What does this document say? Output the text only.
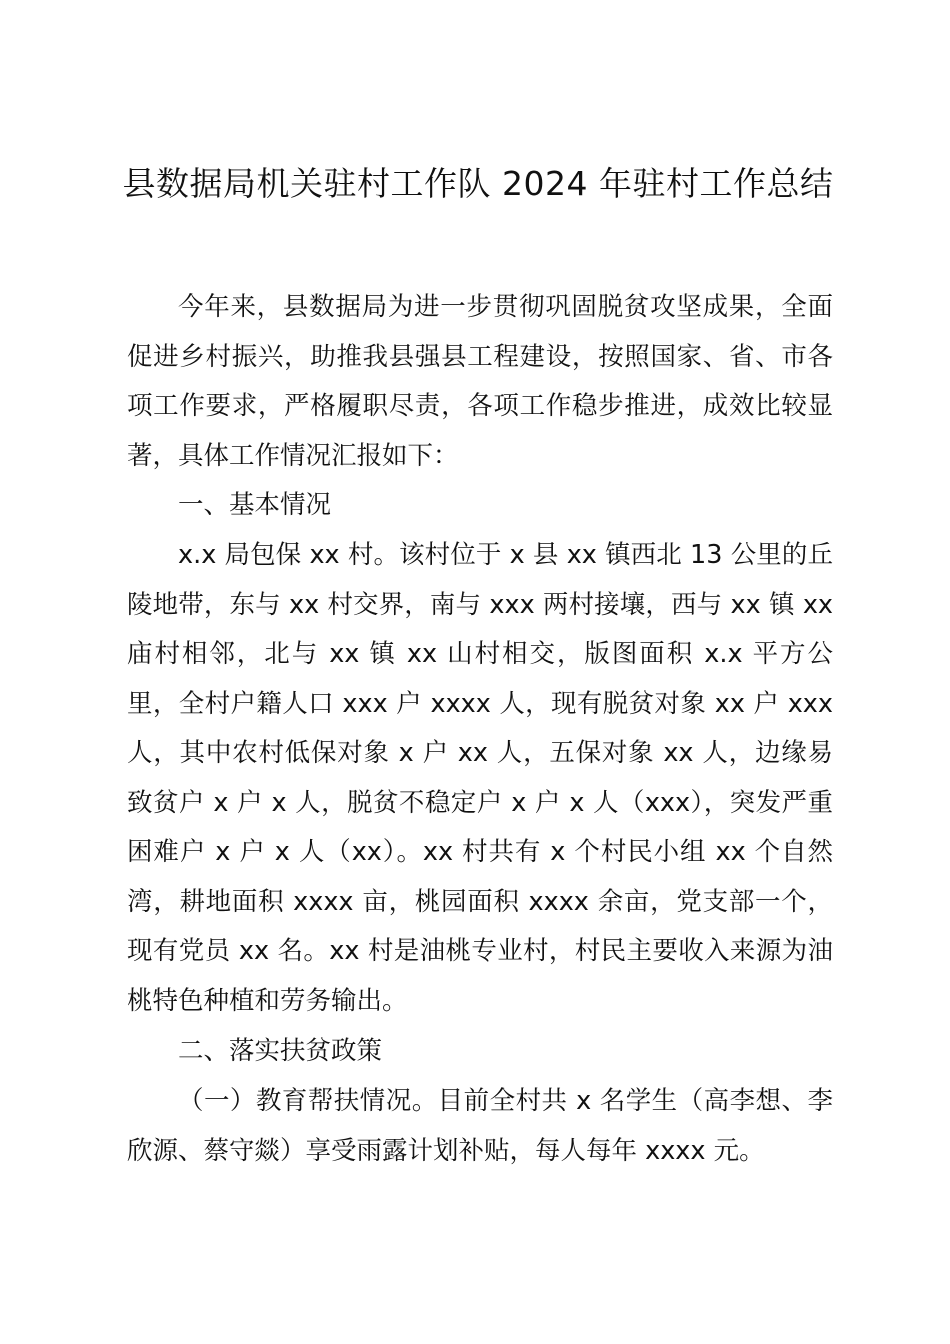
县数据局机关驻村工作队 2024 年驻村工作总结

今年来，县数据局为进一步贯彻巩固脱贫攻坚成果，全面促进乡村振兴，助推我县强县工程建设，按照国家、省、市各项工作要求，严格履职尽责，各项工作稳步推进，成效比较显著，具体工作情况汇报如下：

一、基本情况

x.x 局包保 xx 村。该村位于 x 县 xx 镇西北 13 公里的丘陵地带，东与 xx 村交界，南与 xxx 两村接壤，西与 xx 镇 xx 庙村相邻，北与 xx 镇 xx 山村相交，版图面积 x.x 平方公里，全村户籍人口 xxx 户 xxxx 人，现有脱贫对象 xx 户 xxx 人，其中农村低保对象 x 户 xx 人，五保对象 xx 人，边缘易致贫户 x 户 x 人，脱贫不稳定户 x 户 x 人（xxx），突发严重困难户 x 户 x 人（xx）。xx 村共有 x 个村民小组 xx 个自然湾，耕地面积 xxxx 亩，桃园面积 xxxx 余亩，党支部一个，现有党员 xx 名。xx 村是油桃专业村，村民主要收入来源为油桃特色种植和劳务输出。

二、落实扶贫政策

（一）教育帮扶情况。目前全村共 x 名学生（高李想、李欣源、蔡守燚）享受雨露计划补贴，每人每年 xxxx 元。
